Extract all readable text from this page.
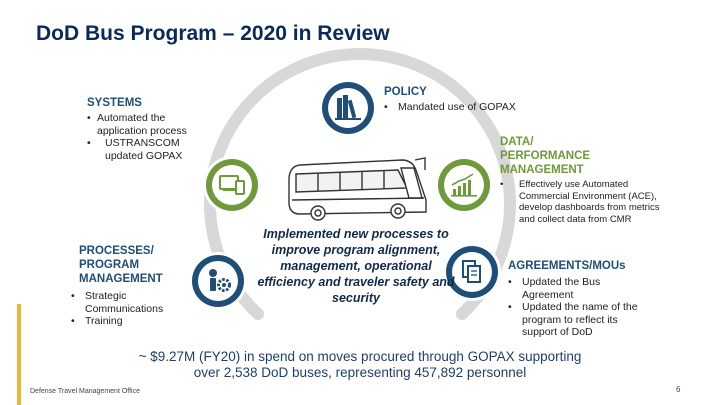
DoD Bus Program – 2020 in Review
SYSTEMS
• Automated the application process
• USTRANSCOM updated GOPAX
POLICY
• Mandated use of GOPAX
DATA/
PERFORMANCE
MANAGEMENT
• Effectively use Automated Commercial Environment (ACE), develop dashboards from metrics and collect data from CMR
PROCESSES/
PROGRAM
MANAGEMENT
• Strategic Communications
• Training
AGREEMENTS/MOUs
• Updated the Bus Agreement
• Updated the name of the program to reflect its support of DoD
Implemented new processes to improve program alignment, management, operational efficiency and traveler safety and security
~ $9.27M (FY20) in spend on moves procured through GOPAX supporting
over 2,538 DoD buses, representing 457,892 personnel
Defense Travel Management Office	6
